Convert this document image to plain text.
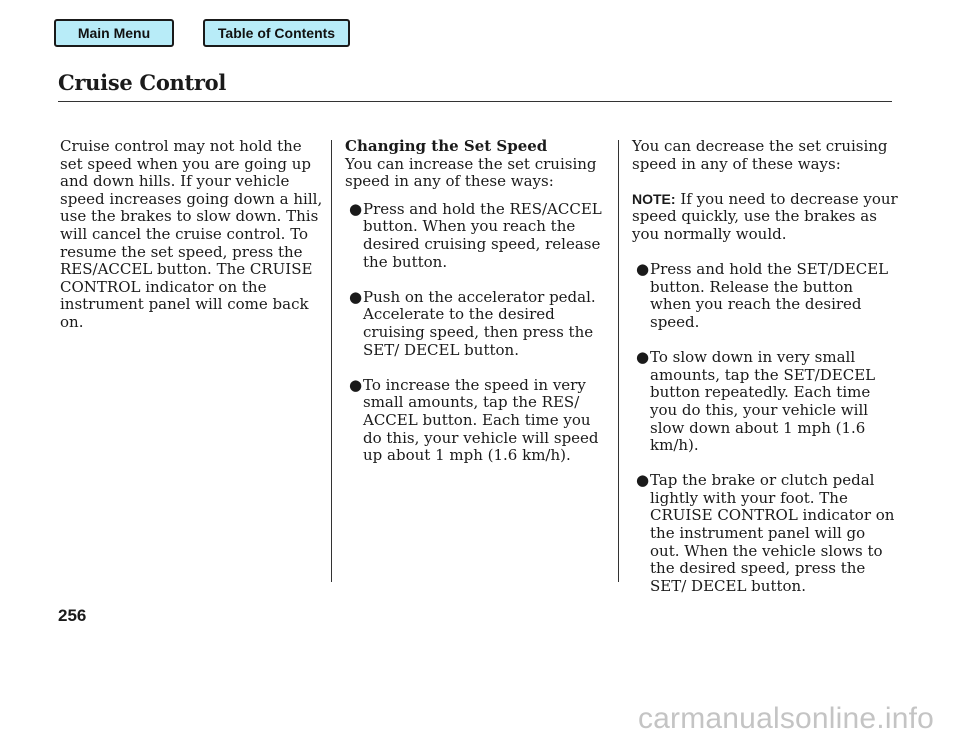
Main Menu	Table of Contents
Cruise Control

Cruise control may not hold the set speed when you are going up and down hills. If your vehicle speed increases going down a hill, use the brakes to slow down. This will cancel the cruise control. To resume the set speed, press the RES/ACCEL button. The CRUISE CONTROL indicator on the instrument panel will come back on.

Changing the Set Speed

You can increase the set cruising speed in any of these ways:

● Press and hold the RES/ACCEL button. When you reach the desired cruising speed, release the button.
● Push on the accelerator pedal. Accelerate to the desired cruising speed, then press the SET/ DECEL button.
● To increase the speed in very small amounts, tap the RES/ ACCEL button. Each time you do this, your vehicle will speed up about 1 mph (1.6 km/h).

You can decrease the set cruising speed in any of these ways:

NOTE: If you need to decrease your speed quickly, use the brakes as you normally would.

● Press and hold the SET/DECEL button. Release the button when you reach the desired speed.
● To slow down in very small amounts, tap the SET/DECEL button repeatedly. Each time you do this, your vehicle will slow down about 1 mph (1.6 km/h).
● Tap the brake or clutch pedal lightly with your foot. The CRUISE CONTROL indicator on the instrument panel will go out. When the vehicle slows to the desired speed, press the SET/ DECEL button.
256
carmanualsonline.info
